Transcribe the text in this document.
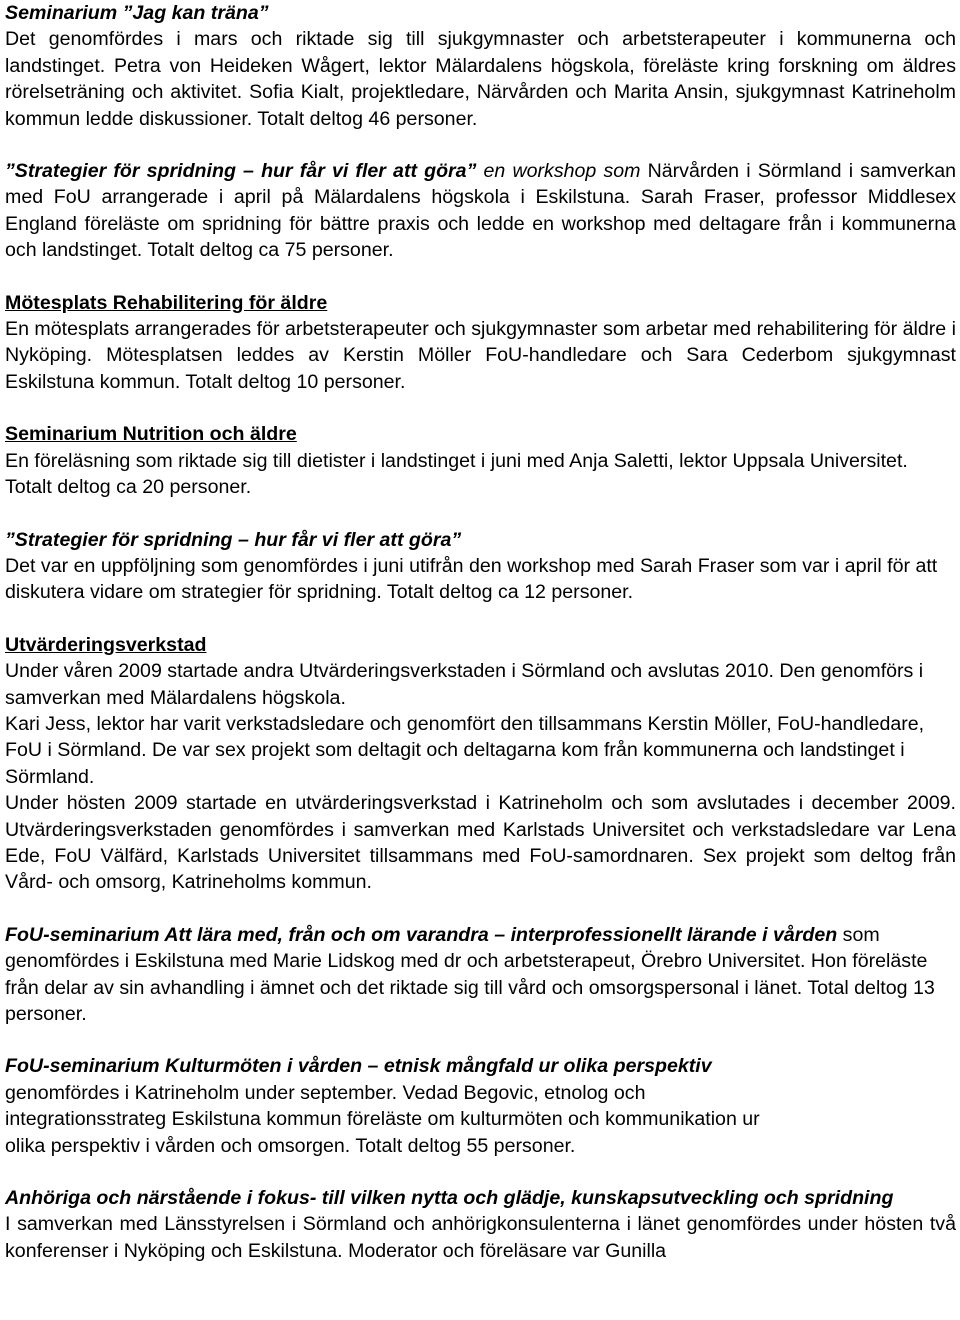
Seminarium ”Jag kan träna”

Det genomfördes i mars och riktade sig till sjukgymnaster och arbetsterapeuter i kommunerna och landstinget. Petra von Heideken Wågert, lektor Mälardalens högskola, föreläste kring forskning om äldres rörelseträning och aktivitet. Sofia Kialt, projektledare, Närvården och Marita Ansin, sjukgymnast Katrineholm kommun ledde diskussioner. Totalt deltog 46 personer.

”Strategier för spridning – hur får vi fler att göra” en workshop som Närvården i Sörmland i samverkan med FoU arrangerade i april på Mälardalens högskola i Eskilstuna. Sarah Fraser, professor Middlesex England föreläste om spridning för bättre praxis och ledde en workshop med deltagare från i kommunerna och landstinget. Totalt deltog ca 75 personer.

Mötesplats Rehabilitering för äldre

En mötesplats arrangerades för arbetsterapeuter och sjukgymnaster som arbetar med rehabilitering för äldre i Nyköping. Mötesplatsen leddes av Kerstin Möller FoU-handledare och Sara Cederbom sjukgymnast Eskilstuna kommun. Totalt deltog 10 personer.

Seminarium Nutrition och äldre

En föreläsning som riktade sig till dietister i landstinget i juni med Anja Saletti, lektor Uppsala Universitet. Totalt deltog ca 20 personer.

”Strategier för spridning – hur får vi fler att göra”

Det var en uppföljning som genomfördes i juni utifrån den workshop med Sarah Fraser som var i april för att diskutera vidare om strategier för spridning. Totalt deltog ca 12 personer.

Utvärderingsverkstad

Under våren 2009 startade andra Utvärderingsverkstaden i Sörmland och avslutas 2010. Den genomförs i samverkan med Mälardalens högskola.

Kari Jess, lektor har varit verkstadsledare och genomfört den tillsammans Kerstin Möller, FoU-handledare, FoU i Sörmland. De var sex projekt som deltagit och deltagarna kom från kommunerna och landstinget i Sörmland.

Under hösten 2009 startade en utvärderingsverkstad i Katrineholm och som avslutades i december 2009. Utvärderingsverkstaden genomfördes i samverkan med Karlstads Universitet och verkstadsledare var Lena Ede, FoU Välfärd, Karlstads Universitet tillsammans med FoU-samordnaren. Sex projekt som deltog från Vård- och omsorg, Katrineholms kommun.

FoU-seminarium Att lära med, från och om varandra – interprofessionellt lärande i vården som genomfördes i Eskilstuna med Marie Lidskog med dr och arbetsterapeut, Örebro Universitet. Hon föreläste från delar av sin avhandling i ämnet och det riktade sig till vård och omsorgspersonal i länet. Total deltog 13 personer.

FoU-seminarium Kulturmöten i vården – etnisk mångfald ur olika perspektiv

genomfördes i Katrineholm under september. Vedad Begovic, etnolog och

integrationsstrateg Eskilstuna kommun föreläste om kulturmöten och kommunikation ur

olika perspektiv i vården och omsorgen. Totalt deltog 55 personer.

Anhöriga och närstående i fokus- till vilken nytta och glädje, kunskapsutveckling och spridning

I samverkan med Länsstyrelsen i Sörmland och anhörigkonsulenterna i länet genomfördes under hösten två konferenser i Nyköping och Eskilstuna. Moderator och föreläsare var Gunilla
